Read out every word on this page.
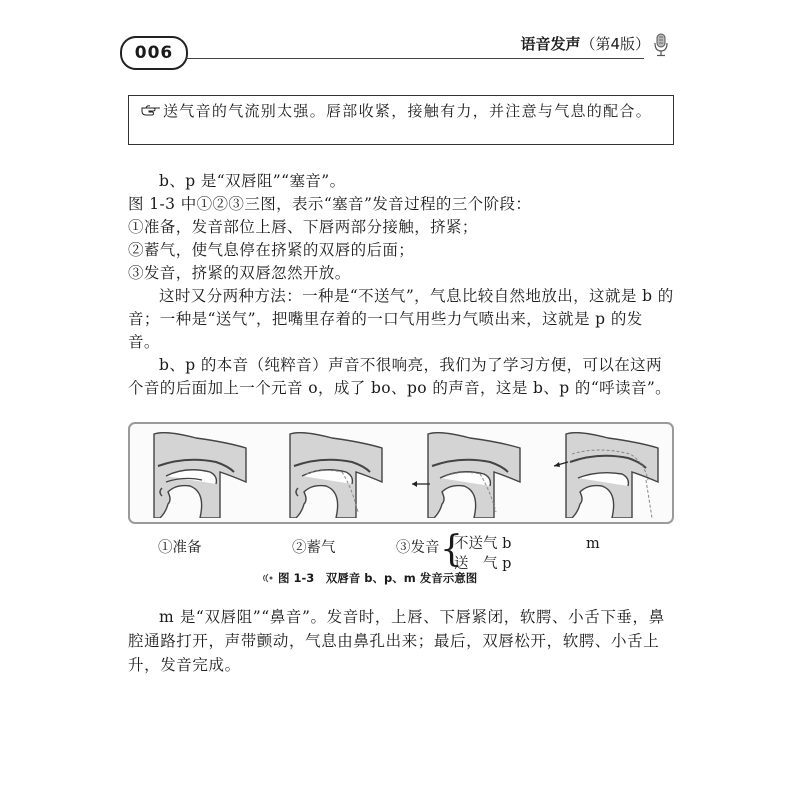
006	语音发声（第4版）
送气音的气流别太强。唇部收紧，接触有力，并注意与气息的配合。

b、p 是“双唇阻”“塞音”。

图 1-3 中①②③三图，表示“塞音”发音过程的三个阶段：

①准备，发音部位上唇、下唇两部分接触，挤紧；

②蓄气，使气息停在挤紧的双唇的后面；

③发音，挤紧的双唇忽然开放。

这时又分两种方法：一种是“不送气”，气息比较自然地放出，这就是 b 的音；一种是“送气”，把嘴里存着的一口气用些力气喷出来，这就是 p 的发音。

b、p 的本音（纯粹音）声音不很响亮，我们为了学习方便，可以在这两个音的后面加上一个元音 o，成了 bo、po 的声音，这是 b、p 的“呼读音”。

①准备	②蓄气	③发音 {
不送气 b
送　气 p
m
图 1-3　双唇音 b、p、m 发音示意图

m 是“双唇阻”“鼻音”。发音时，上唇、下唇紧闭，软腭、小舌下垂，鼻腔通路打开，声带颤动，气息由鼻孔出来；最后，双唇松开，软腭、小舌上升，发音完成。
